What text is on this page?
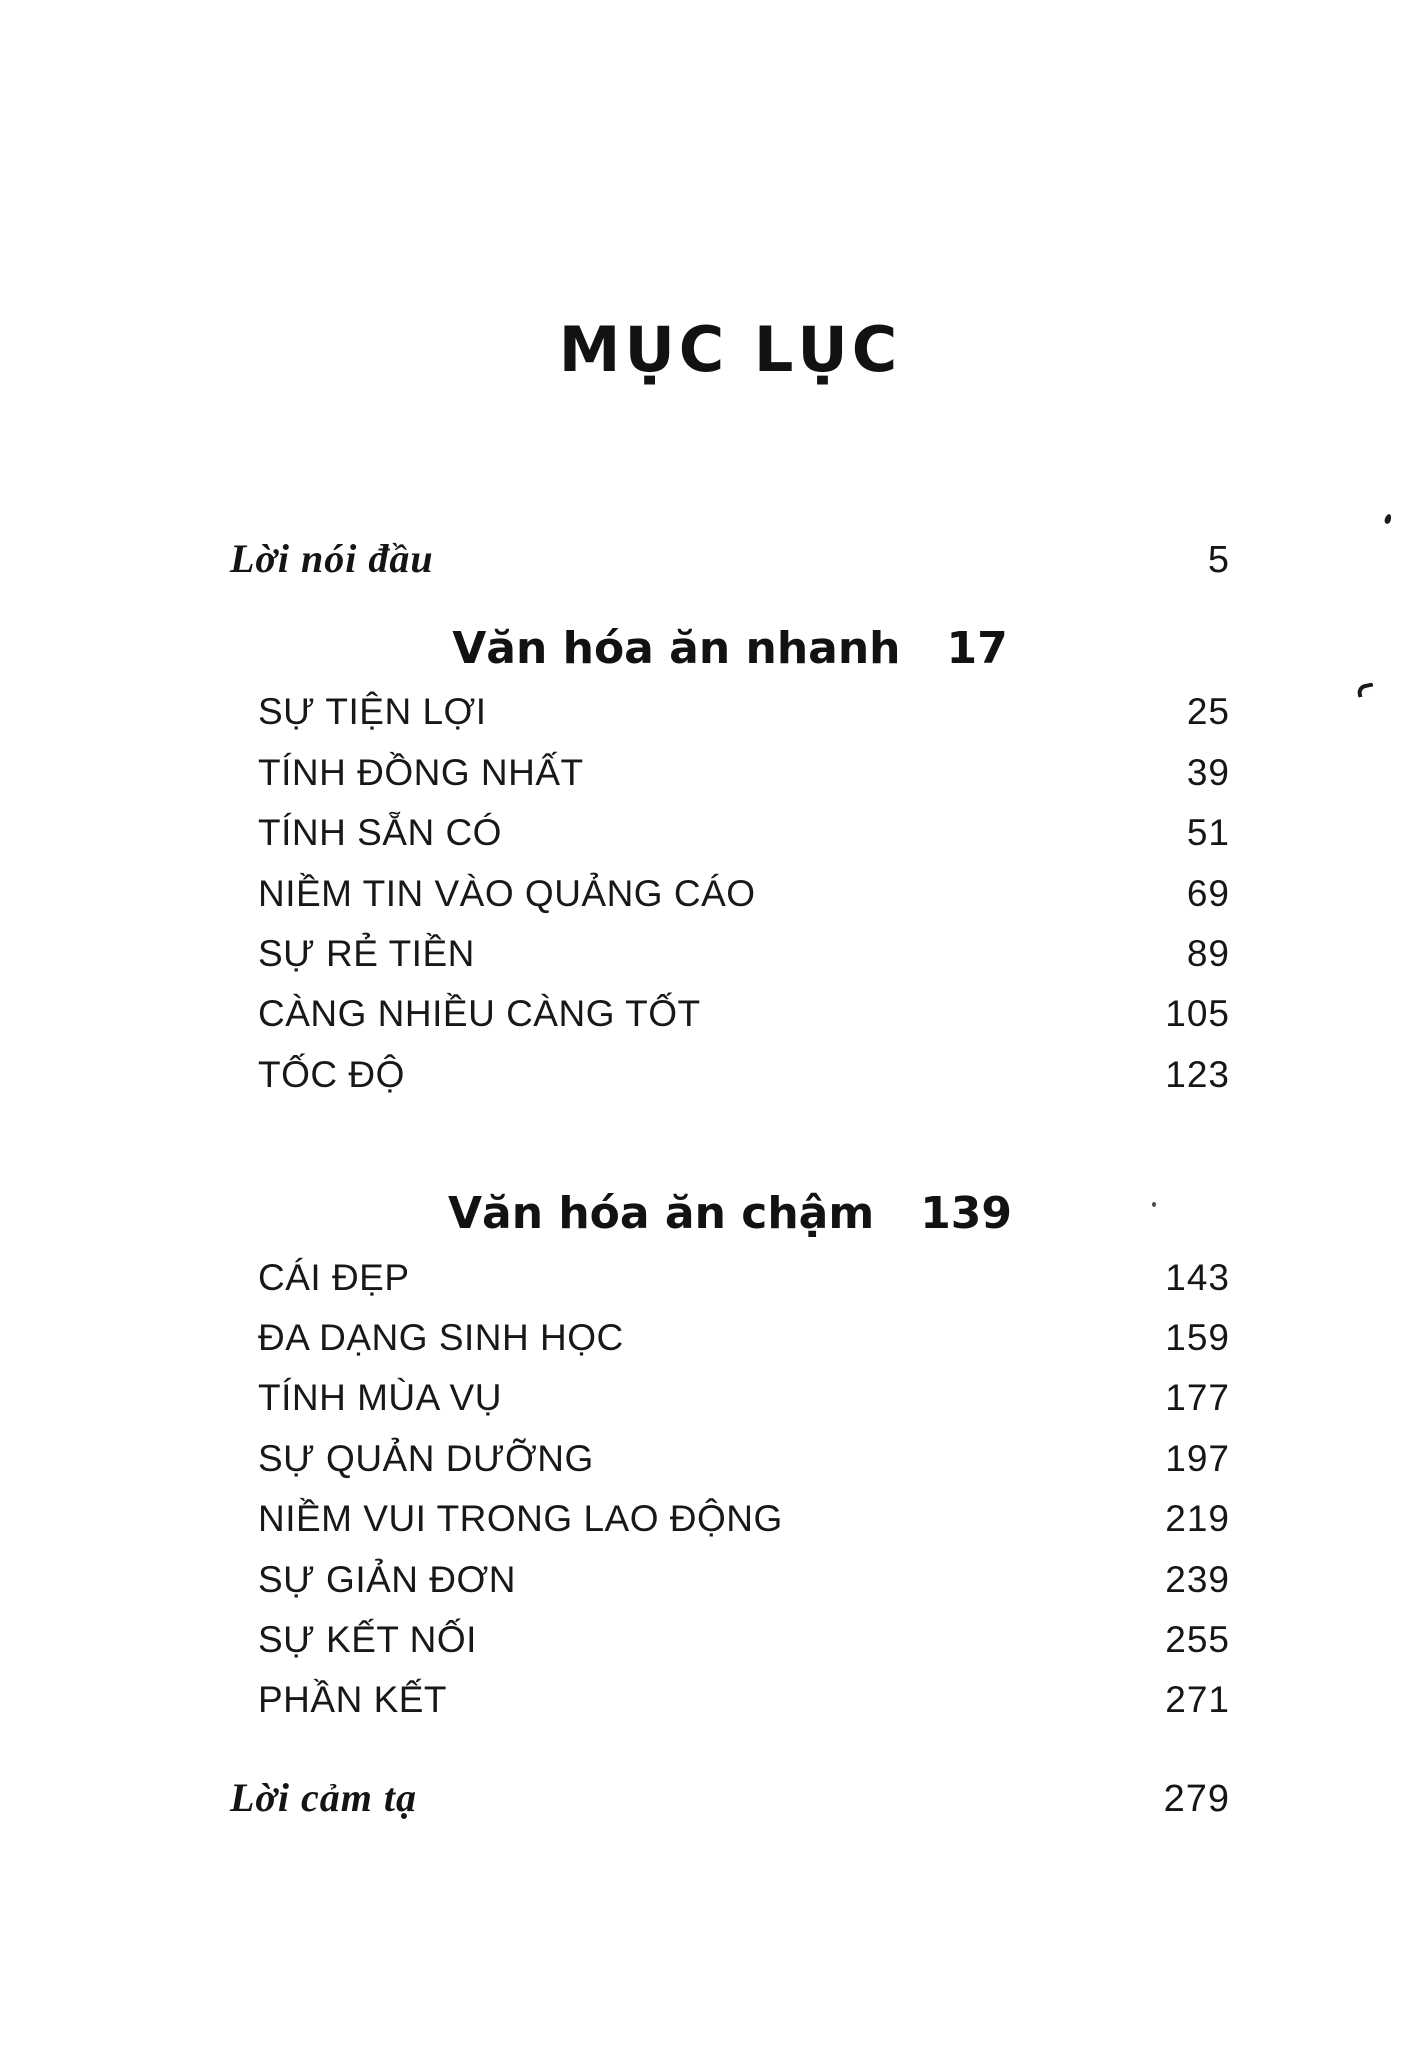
MỤC LỤC
Lời nói đầu	5
Văn hóa ăn nhanh 17
SỰ TIỆN LỢI	25
TÍNH ĐỒNG NHẤT	39
TÍNH SẴN CÓ	51
NIỀM TIN VÀO QUẢNG CÁO	69
SỰ RẺ TIỀN	89
CÀNG NHIỀU CÀNG TỐT	105
TỐC ĐỘ	123
Văn hóa ăn chậm 139
CÁI ĐẸP	143
ĐA DẠNG SINH HỌC	159
TÍNH MÙA VỤ	177
SỰ QUẢN DƯỠNG	197
NIỀM VUI TRONG LAO ĐỘNG	219
SỰ GIẢN ĐƠN	239
SỰ KẾT NỐI	255
PHẦN KẾT	271
Lời cảm tạ	279
